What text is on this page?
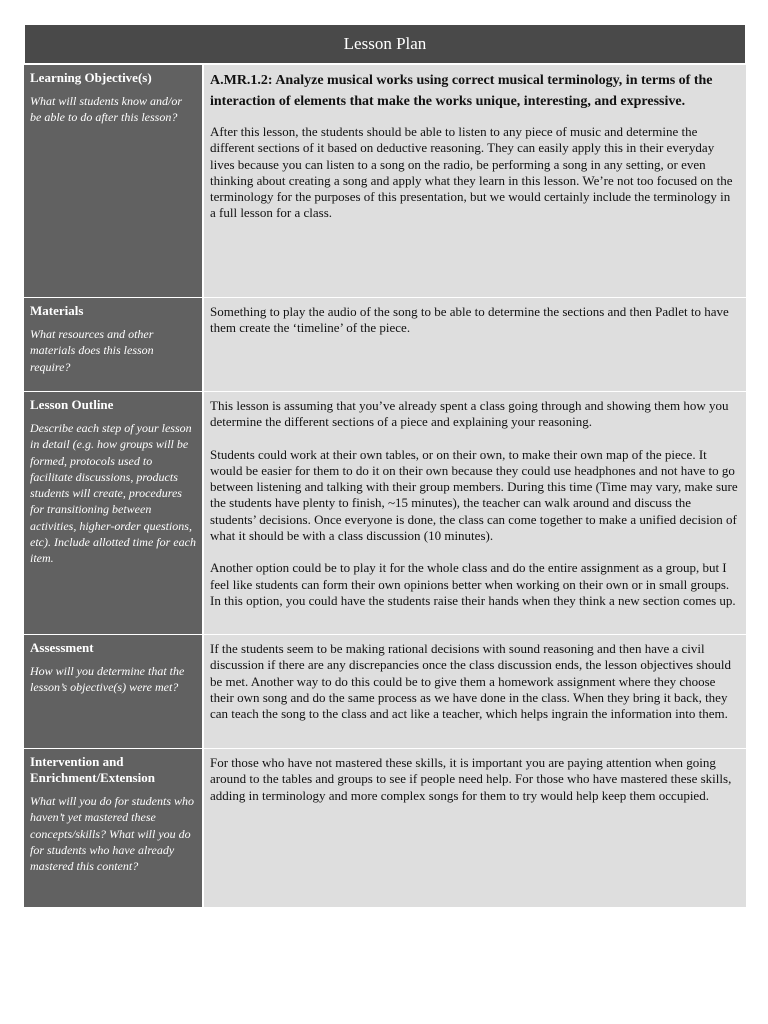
Lesson Plan
Learning Objective(s)
What will students know and/or be able to do after this lesson?
A.MR.1.2: Analyze musical works using correct musical terminology, in terms of the interaction of elements that make the works unique, interesting, and expressive.

After this lesson, the students should be able to listen to any piece of music and determine the different sections of it based on deductive reasoning. They can easily apply this in their everyday lives because you can listen to a song on the radio, be performing a song in any setting, or even thinking about creating a song and apply what they learn in this lesson. We’re not too focused on the terminology for the purposes of this presentation, but we would certainly include the terminology in a full lesson for a class.

Materials
What resources and other materials does this lesson require?

Something to play the audio of the song to be able to determine the sections and then Padlet to have them create the ‘timeline’ of the piece.

Lesson Outline
Describe each step of your lesson in detail (e.g. how groups will be formed, protocols used to facilitate discussions, products students will create, procedures for transitioning between activities, higher-order questions, etc). Include allotted time for each item.

This lesson is assuming that you’ve already spent a class going through and showing them how you determine the different sections of a piece and explaining your reasoning.

Students could work at their own tables, or on their own, to make their own map of the piece. It would be easier for them to do it on their own because they could use headphones and not have to go between listening and talking with their group members. During this time (Time may vary, make sure the students have plenty to finish, ~15 minutes), the teacher can walk around and discuss the students’ decisions. Once everyone is done, the class can come together to make a unified decision of what it should be with a class discussion (10 minutes).

Another option could be to play it for the whole class and do the entire assignment as a group, but I feel like students can form their own opinions better when working on their own or in small groups. In this option, you could have the students raise their hands when they think a new section comes up.

Assessment
How will you determine that the lesson’s objective(s) were met?

If the students seem to be making rational decisions with sound reasoning and then have a civil discussion if there are any discrepancies once the class discussion ends, the lesson objectives should be met. Another way to do this could be to give them a homework assignment where they choose their own song and do the same process as we have done in the class. When they bring it back, they can teach the song to the class and act like a teacher, which helps ingrain the information into them.

Intervention and Enrichment/Extension
What will you do for students who haven’t yet mastered these concepts/skills? What will you do for students who have already mastered this content?

For those who have not mastered these skills, it is important you are paying attention when going around to the tables and groups to see if people need help. For those who have mastered these skills, adding in terminology and more complex songs for them to try would help keep them occupied.
